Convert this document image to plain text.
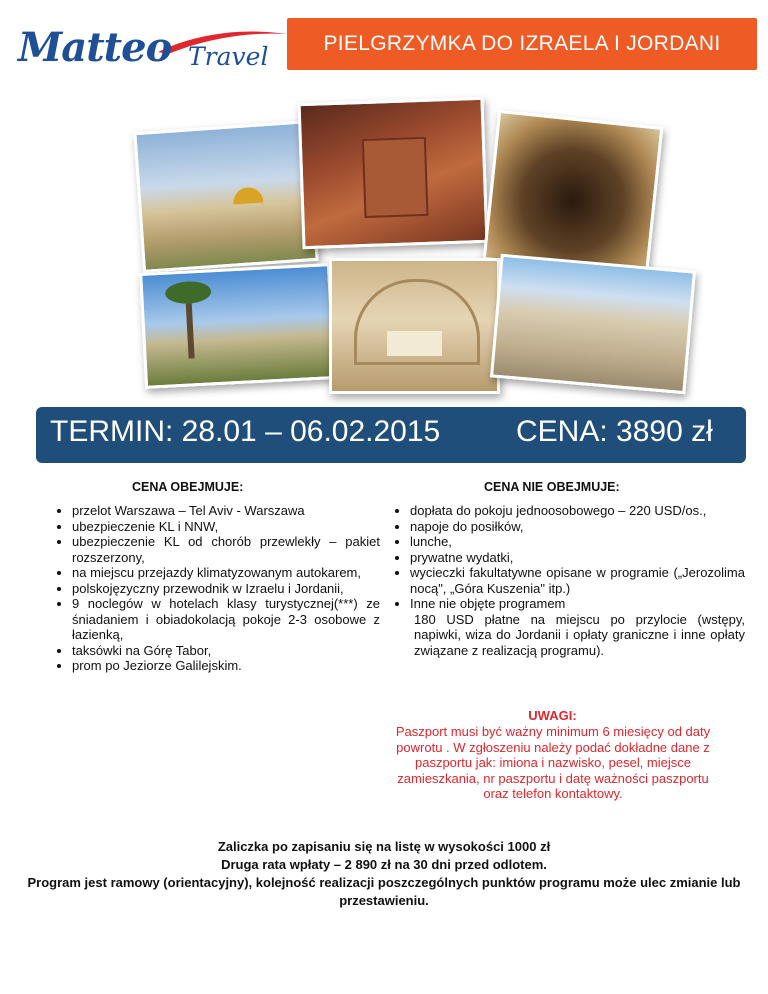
Matteo Travel	PIELGRZYMKA DO IZRAELA I JORDANI
TERMIN: 28.01 – 06.02.2015	CENA: 3890 zł
CENA OBEJMUJE:
• przelot Warszawa – Tel Aviv - Warszawa
• ubezpieczenie KL i NNW,
• ubezpieczenie KL od chorób przewlekły – pakiet rozszerzony,
• na miejscu przejazdy klimatyzowanym autokarem,
• polskojęzyczny przewodnik w Izraelu i Jordanii,
• 9 noclegów w hotelach klasy turystycznej(***) ze śniadaniem i obiadokolacją pokoje 2-3 osobowe z łazienką,
• taksówki na Górę Tabor,
• prom po Jeziorze Galilejskim.
CENA NIE OBEJMUJE:
• dopłata do pokoju jednoosobowego – 220 USD/os.,
• napoje do posiłków,
• lunche,
• prywatne wydatki,
• wycieczki fakultatywne opisane w programie („Jerozolima nocą", „Góra Kuszenia" itp.)
• Inne nie objęte programem
180 USD płatne na miejscu po przylocie (wstępy, napiwki, wiza do Jordanii i opłaty graniczne i inne opłaty związane z realizacją programu).
UWAGI:
Paszport musi być ważny minimum 6 miesięcy od daty powrotu . W zgłoszeniu należy podać dokładne dane z paszportu jak: imiona i nazwisko, pesel, miejsce zamieszkania, nr paszportu i datę ważności paszportu oraz telefon kontaktowy.
Zaliczka po zapisaniu się na listę w wysokości 1000 zł
Druga rata wpłaty – 2 890 zł na 30 dni przed odlotem.
Program jest ramowy (orientacyjny), kolejność realizacji poszczególnych punktów programu może ulec zmianie lub przestawieniu.
